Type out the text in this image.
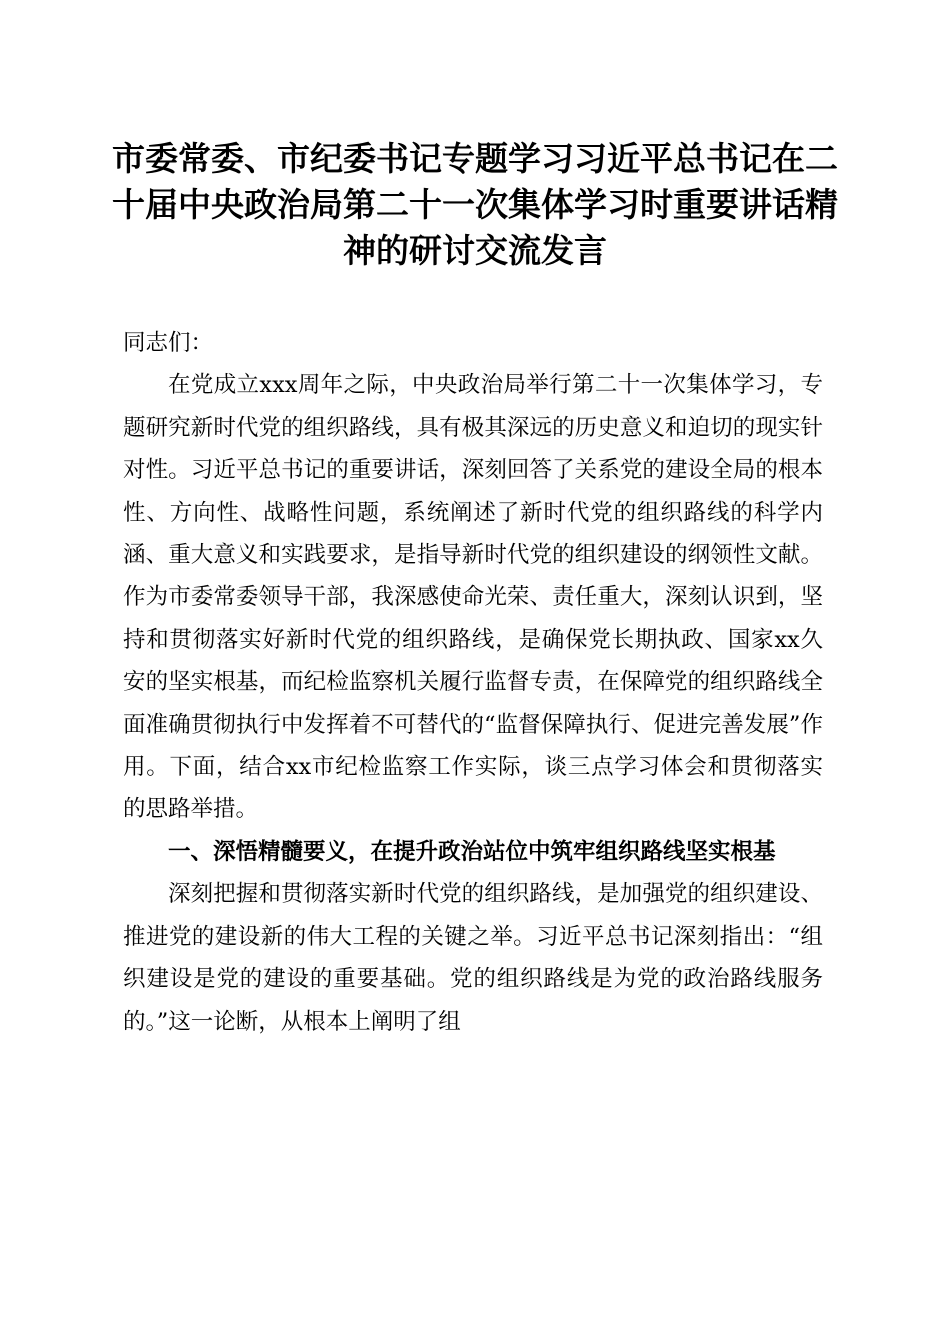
市委常委、市纪委书记专题学习习近平总书记在二十届中央政治局第二十一次集体学习时重要讲话精神的研讨交流发言

同志们：

在党成立xxx周年之际，中央政治局举行第二十一次集体学习，专题研究新时代党的组织路线，具有极其深远的历史意义和迫切的现实针对性。习近平总书记的重要讲话，深刻回答了关系党的建设全局的根本性、方向性、战略性问题，系统阐述了新时代党的组织路线的科学内涵、重大意义和实践要求，是指导新时代党的组织建设的纲领性文献。作为市委常委领导干部，我深感使命光荣、责任重大，深刻认识到，坚持和贯彻落实好新时代党的组织路线，是确保党长期执政、国家xx久安的坚实根基，而纪检监察机关履行监督专责，在保障党的组织路线全面准确贯彻执行中发挥着不可替代的“监督保障执行、促进完善发展”作用。下面，结合xx市纪检监察工作实际，谈三点学习体会和贯彻落实的思路举措。

一、深悟精髓要义，在提升政治站位中筑牢组织路线坚实根基

深刻把握和贯彻落实新时代党的组织路线，是加强党的组织建设、推进党的建设新的伟大工程的关键之举。习近平总书记深刻指出：“组织建设是党的建设的重要基础。党的组织路线是为党的政治路线服务的。”这一论断，从根本上阐明了组
